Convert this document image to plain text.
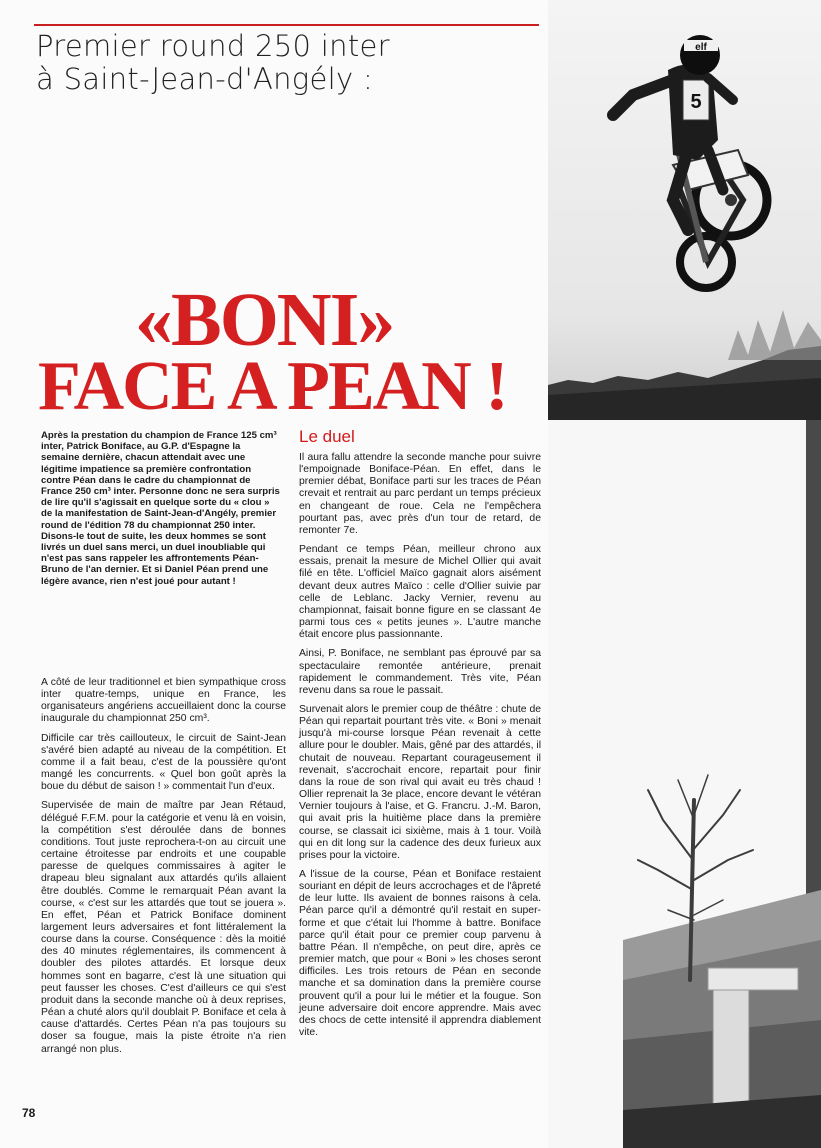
Premier round 250 inter
à Saint-Jean-d'Angély :
5
elf
«BONI»
FACE A PEAN !

Après la prestation du champion de France 125 cm³ inter, Patrick Boniface, au G.P. d'Espagne la semaine dernière, chacun attendait avec une légitime impatience sa première confrontation contre Péan dans le cadre du championnat de France 250 cm³ inter. Personne donc ne sera surpris de lire qu'il s'agissait en quelque sorte du « clou » de la manifestation de Saint-Jean-d'Angély, premier round de l'édition 78 du championnat 250 inter. Disons-le tout de suite, les deux hommes se sont livrés un duel sans merci, un duel inoubliable qui n'est pas sans rappeler les affrontements Péan-Bruno de l'an dernier. Et si Daniel Péan prend une légère avance, rien n'est joué pour autant !

A côté de leur traditionnel et bien sympathique cross inter quatre-temps, unique en France, les organisateurs angériens accueillaient donc la course inaugurale du championnat 250 cm³.

Difficile car très caillouteux, le circuit de Saint-Jean s'avéré bien adapté au niveau de la compétition. Et comme il a fait beau, c'est de la poussière qu'ont mangé les concurrents. « Quel bon goût après la boue du début de saison ! » commentait l'un d'eux.

Supervisée de main de maître par Jean Rétaud, délégué F.F.M. pour la catégorie et venu là en voisin, la compétition s'est déroulée dans de bonnes conditions. Tout juste reprochera-t-on au circuit une certaine étroitesse par endroits et une coupable paresse de quelques commissaires à agiter le drapeau bleu signalant aux attardés qu'ils allaient être doublés. Comme le remarquait Péan avant la course, « c'est sur les attardés que tout se jouera ». En effet, Péan et Patrick Boniface dominent largement leurs adversaires et font littéralement la course dans la course. Conséquence : dès la moitié des 40 minutes réglementaires, ils commencent à doubler des pilotes attardés. Et lorsque deux hommes sont en bagarre, c'est là une situation qui peut fausser les choses. C'est d'ailleurs ce qui s'est produit dans la seconde manche où à deux reprises, Péan a chuté alors qu'il doublait P. Boniface et cela à cause d'attardés. Certes Péan n'a pas toujours su doser sa fougue, mais la piste étroite n'a rien arrangé non plus.

Le duel

Il aura fallu attendre la seconde manche pour suivre l'empoignade Boniface-Péan. En effet, dans le premier débat, Boniface parti sur les traces de Péan crevait et rentrait au parc perdant un temps précieux en changeant de roue. Cela ne l'empêchera pourtant pas, avec près d'un tour de retard, de remonter 7e.

Pendant ce temps Péan, meilleur chrono aux essais, prenait la mesure de Michel Ollier qui avait filé en tête. L'officiel Maïco gagnait alors aisément devant deux autres Maïco : celle d'Ollier suivie par celle de Leblanc. Jacky Vernier, revenu au championnat, faisait bonne figure en se classant 4e parmi tous ces « petits jeunes ». L'autre manche était encore plus passionnante.

Ainsi, P. Boniface, ne semblant pas éprouvé par sa spectaculaire remontée antérieure, prenait rapidement le commandement. Très vite, Péan revenu dans sa roue le passait.

Survenait alors le premier coup de théâtre : chute de Péan qui repartait pourtant très vite. « Boni » menait jusqu'à mi-course lorsque Péan revenait à cette allure pour le doubler. Mais, gêné par des attardés, il chutait de nouveau. Repartant courageusement il revenait, s'accrochait encore, repartait pour finir dans la roue de son rival qui avait eu très chaud ! Ollier reprenait la 3e place, encore devant le vétéran Vernier toujours à l'aise, et G. Francru. J.-M. Baron, qui avait pris la huitième place dans la première course, se classait ici sixième, mais à 1 tour. Voilà qui en dit long sur la cadence des deux furieux aux prises pour la victoire.

A l'issue de la course, Péan et Boniface restaient souriant en dépit de leurs accrochages et de l'âpreté de leur lutte. Ils avaient de bonnes raisons à cela. Péan parce qu'il a démontré qu'il restait en super-forme et que c'était lui l'homme à battre. Boniface parce qu'il était pour ce premier coup parvenu à battre Péan. Il n'empêche, on peut dire, après ce premier match, que pour « Boni » les choses seront difficiles. Les trois retours de Péan en seconde manche et sa domination dans la première course prouvent qu'il a pour lui le métier et la fougue. Son jeune adversaire doit encore apprendre. Mais avec des chocs de cette intensité il apprendra diablement vite.

78
